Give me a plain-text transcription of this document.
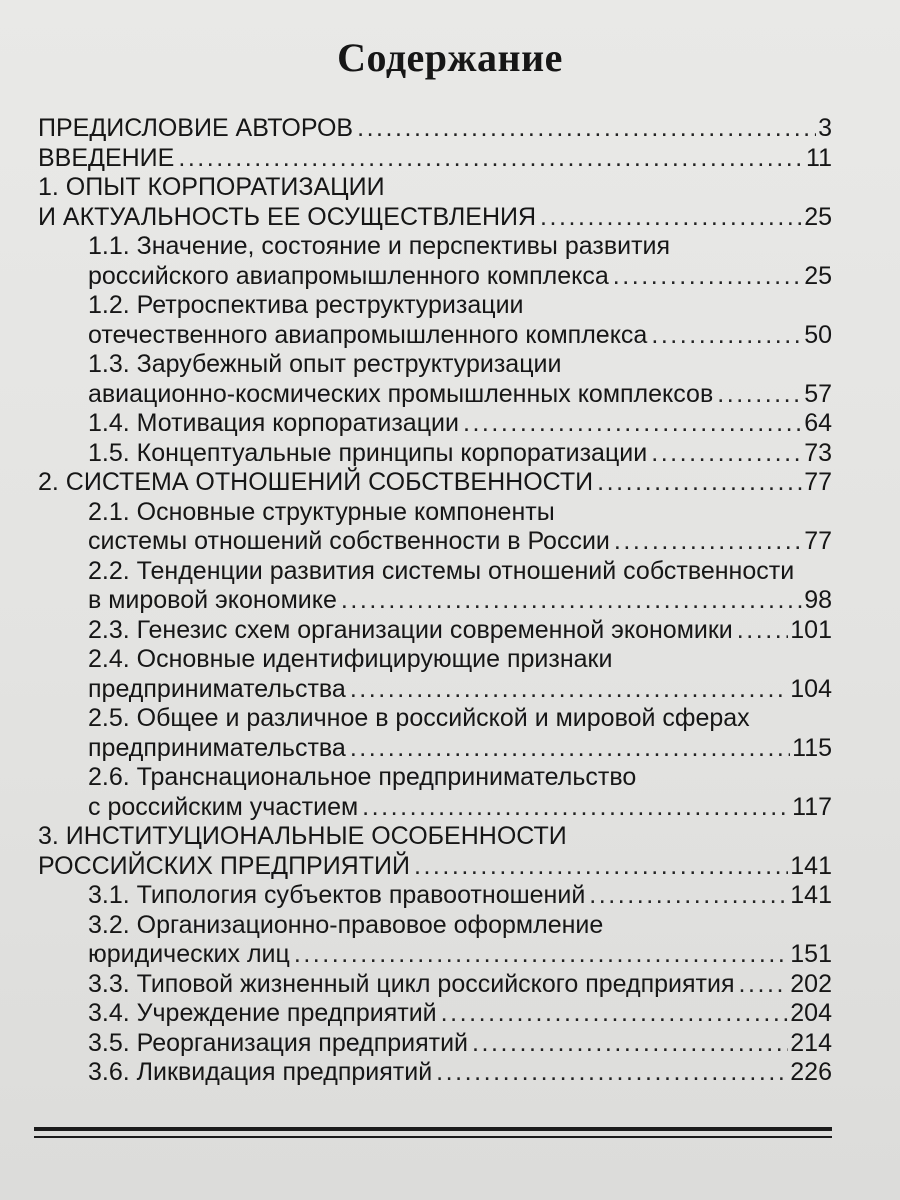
Содержание
ПРЕДИСЛОВИЕ АВТОРОВ . . .	3
ВВЕДЕНИЕ . . .	11
1. ОПЫТ КОРПОРАТИЗАЦИИ
И АКТУАЛЬНОСТЬ ЕЕ ОСУЩЕСТВЛЕНИЯ . . .	25
1.1. Значение, состояние и перспективы развития
российского авиапромышленного комплекса . . .	25
1.2. Ретроспектива реструктуризации
отечественного авиапромышленного комплекса . . .	50
1.3. Зарубежный опыт реструктуризации
авиационно-космических промышленных комплексов . . .	57
1.4. Мотивация корпоратизации . . .	64
1.5. Концептуальные принципы корпоратизации . . .	73
2. СИСТЕМА ОТНОШЕНИЙ СОБСТВЕННОСТИ . . .	77
2.1. Основные структурные компоненты
системы отношений собственности в России . . .	77
2.2. Тенденции развития системы отношений собственности
в мировой экономике . . .	98
2.3. Генезис схем организации современной экономики . . . 101
2.4. Основные идентифицирующие признаки
предпринимательства . . .	104
2.5. Общее и различное в российской и мировой сферах
предпринимательства . . .	115
2.6. Транснациональное предпринимательство
с российским участием . . .	117
3. ИНСТИТУЦИОНАЛЬНЫЕ ОСОБЕННОСТИ
РОССИЙСКИХ ПРЕДПРИЯТИЙ . . .	141
3.1. Типология субъектов правоотношений . . .	141
3.2. Организационно-правовое оформление
юридических лиц . . .	151
3.3. Типовой жизненный цикл российского предприятия . . . 202
3.4. Учреждение предприятий . . .	204
3.5. Реорганизация предприятий . . .	214
3.6. Ликвидация предприятий . . .	226
